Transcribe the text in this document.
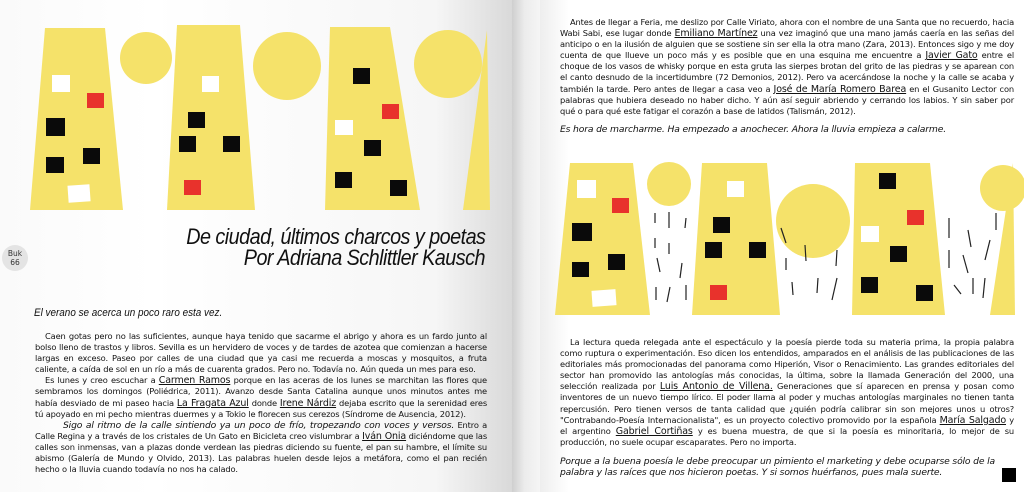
De ciudad, últimos charcos y poetas
Por Adriana Schlittler Kausch
Buk
66
El verano se acerca un poco raro esta vez.

Caen gotas pero no las suficientes, aunque haya tenido que sacarme el abrigo y ahora es un fardo junto al bolso lleno de trastos y libros. Sevilla es un hervidero de voces y de tardes de azotea que comienzan a hacerse largas en exceso. Paseo por calles de una ciudad que ya casi me recuerda a moscas y mosquitos, a fruta caliente, a caída de sol en un río a más de cuarenta grados. Pero no. Todavía no. Aún queda un mes para eso.

Es lunes y creo escuchar a Carmen Ramos porque en las aceras de los lunes se marchitan las flores que sembramos los domingos (Poliédrica, 2011). Avanzo desde Santa Catalina aunque unos minutos antes me había desviado de mi paseo hacia La Fragata Azul donde Irene Nárdiz dejaba escrito que la serenidad eres tú apoyado en mi pecho mientras duermes y a Tokio le florecen sus cerezos (Síndrome de Ausencia, 2012).

Sigo al ritmo de la calle sintiendo ya un poco de frío, tropezando con voces y versos. Entro a Calle Regina y a través de los cristales de Un Gato en Bicicleta creo vislumbrar a Iván Onia diciéndome que las calles son inmensas, van a plazas donde verdean las piedras diciendo su fuente, el pan su hambre, el límite su abismo (Galería de Mundo y Olvido, 2013). Las palabras huelen desde lejos a metáfora, como el pan recién hecho o la lluvia cuando todavía no nos ha calado.

Antes de llegar a Feria, me deslizo por Calle Viriato, ahora con el nombre de una Santa que no recuerdo, hacia Wabi Sabi, ese lugar donde Emiliano Martínez una vez imaginó que una mano jamás caería en las señas del anticipo o en la ilusión de alguien que se sostiene sin ser ella la otra mano (Zara, 2013). Entonces sigo y me doy cuenta de que llueve un poco más y es posible que en una esquina me encuentre a Javier Gato entre el choque de los vasos de whisky porque en esta gruta las sierpes brotan del grito de las piedras y se aparean con el canto desnudo de la incertidumbre (72 Demonios, 2012). Pero va acercándose la noche y la calle se acaba y también la tarde. Pero antes de llegar a casa veo a José de María Romero Barea en el Gusanito Lector con palabras que hubiera deseado no haber dicho. Y aún así seguir abriendo y cerrando los labios. Y sin saber por qué o para qué este fatigar el corazón a base de latidos (Talismán, 2012).

Es hora de marcharme. Ha empezado a anochecer. Ahora la lluvia empieza a calarme.

La lectura queda relegada ante el espectáculo y la poesía pierde toda su materia prima, la propia palabra como ruptura o experimentación. Eso dicen los entendidos, amparados en el análisis de las publicaciones de las editoriales más promocionadas del panorama como Hiperión, Visor o Renacimiento. Las grandes editoriales del sector han promovido las antologías más conocidas, la última, sobre la llamada Generación del 2000, una selección realizada por Luis Antonio de Villena. Generaciones que sí aparecen en prensa y posan como inventores de un nuevo tiempo lírico. El poder llama al poder y muchas antologías marginales no tienen tanta repercusión. Pero tienen versos de tanta calidad que ¿quién podría calibrar sin son mejores unos u otros? "Contrabando-Poesía Internacionalista", es un proyecto colectivo promovido por la española María Salgado y el argentino Gabriel Cortiñas y es buena muestra, de que si la poesía es minoritaria, lo mejor de su producción, no suele ocupar escaparates. Pero no importa.

Porque a la buena poesía le debe preocupar un pimiento el marketing y debe ocuparse sólo de la palabra y las raíces que nos hicieron poetas. Y si somos huérfanos, pues mala suerte.
